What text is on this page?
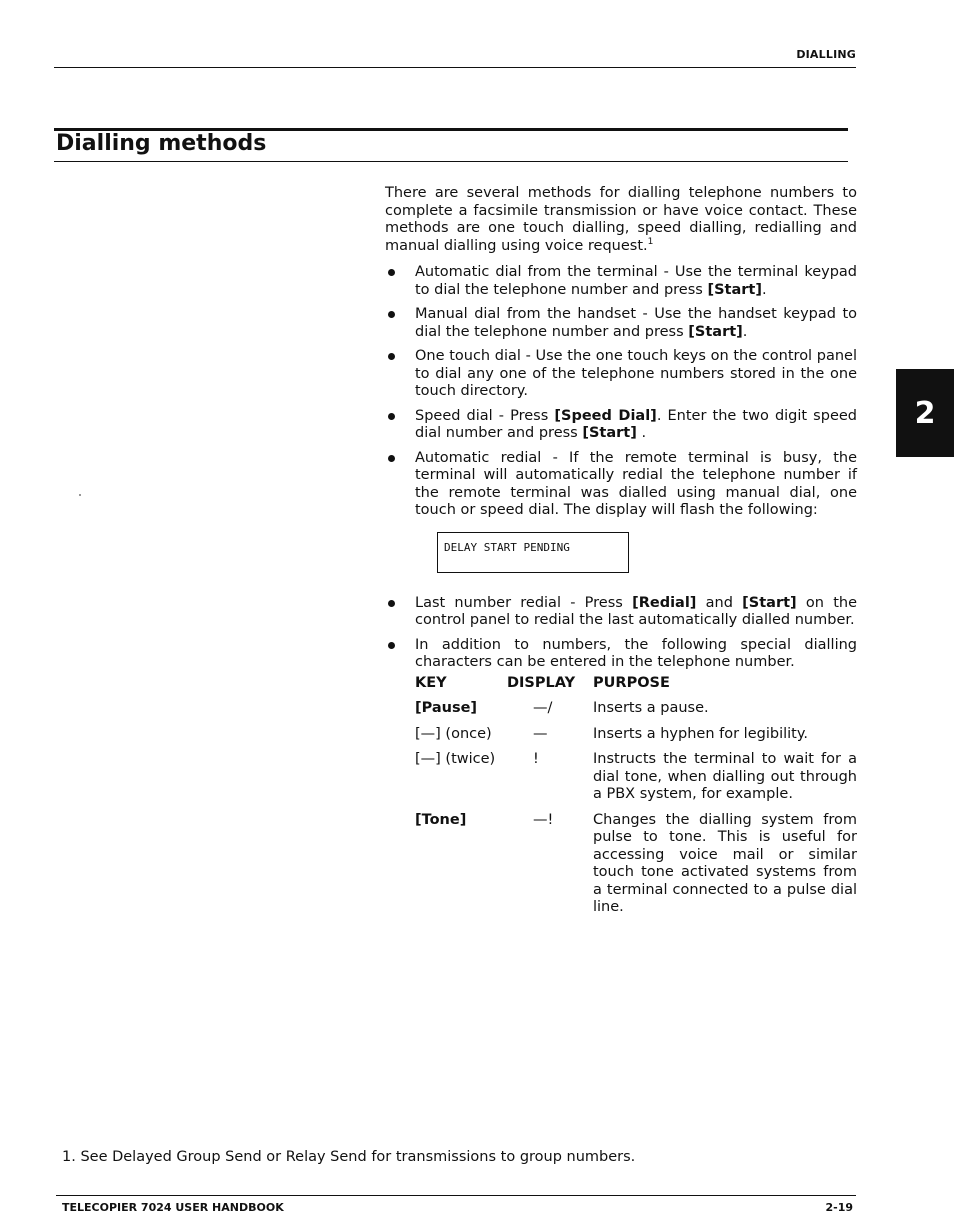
DIALLING
Dialling methods
2

There are several methods for dialling telephone numbers to complete a facsimile transmission or have voice contact. These methods are one touch dialling, speed dialling, redialling and manual dialling using voice request.$^1$

Automatic dial from the terminal - Use the terminal keypad to dial the telephone number and press [Start].
Manual dial from the handset - Use the handset keypad to dial the telephone number and press [Start].
One touch dial - Use the one touch keys on the control panel to dial any one of the telephone numbers stored in the one touch directory.
Speed dial - Press [Speed Dial]. Enter the two digit speed dial number and press [Start] .
Automatic redial - If the remote terminal is busy, the terminal will automatically redial the telephone number if the remote terminal was dialled using manual dial, one touch or speed dial. The display will flash the following:
DELAY START PENDING
Last number redial - Press [Redial] and [Start] on the control panel to redial the last automatically dialled number.
In addition to numbers, the following special dialling characters can be entered in the telephone number.
KEY	DISPLAY	PURPOSE
[Pause]	—/	Inserts a pause.
[—] (once)	—	Inserts a hyphen for legibility.
[—] (twice)	!	Instructs the terminal to wait for a dial tone, when dialling out through a PBX system, for example.
[Tone]	—!	Changes the dialling system from pulse to tone. This is useful for accessing voice mail or similar touch tone activated systems from a terminal connected to a pulse dial line.
1. See Delayed Group Send or Relay Send for transmissions to group numbers.
TELECOPIER 7024 USER HANDBOOK	2-19
